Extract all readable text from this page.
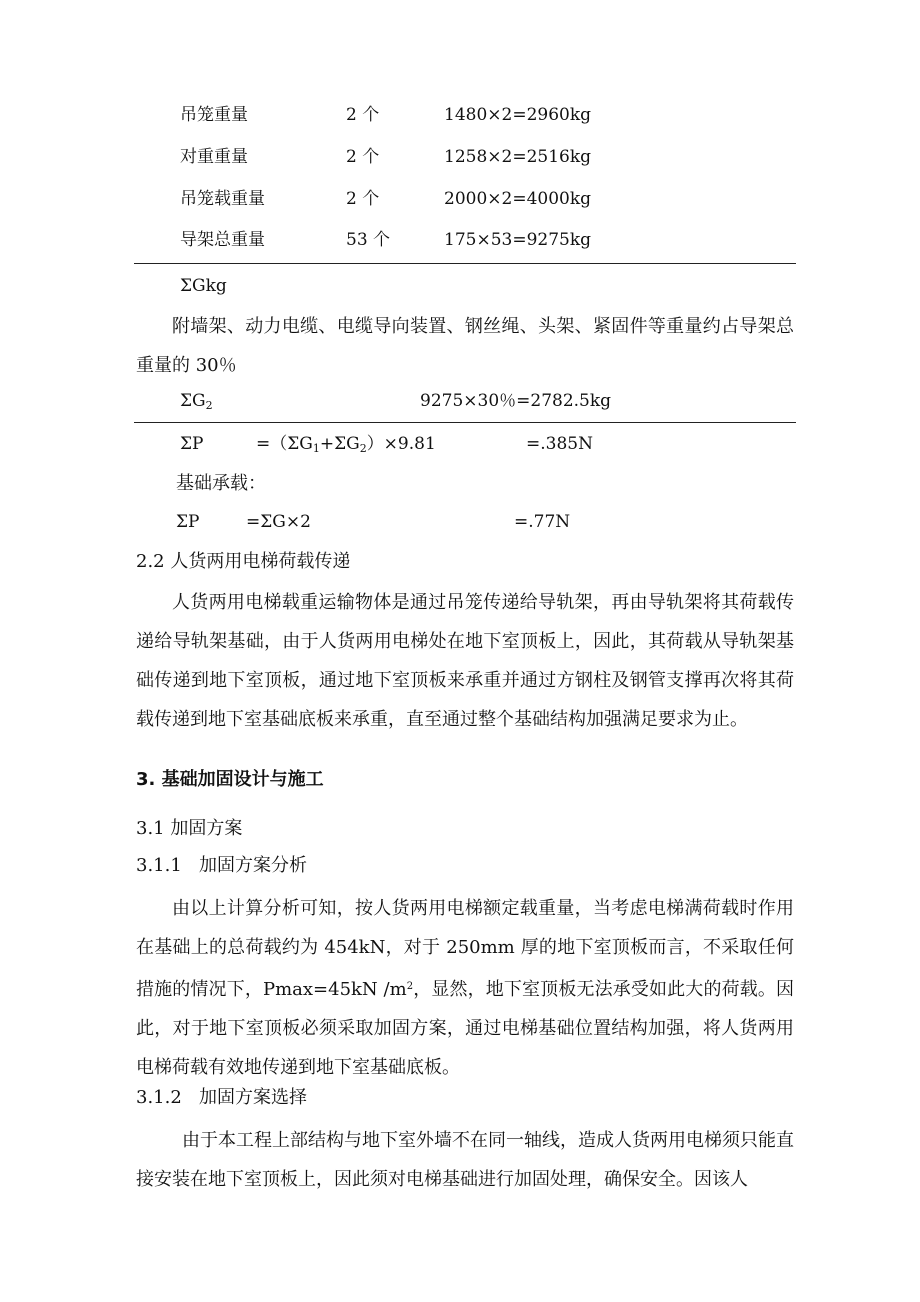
吊笼重量	2 个	1480×2=2960kg
对重重量	2 个	1258×2=2516kg
吊笼载重量	2 个	2000×2=4000kg
导架总重量	53 个	175×53=9275kg
ΣGkg
附墙架、动力电缆、电缆导向装置、钢丝绳、头架、紧固件等重量约占导架总重量的 30％
$\Sigma G_2$	9275×30％=2782.5kg
ΣP	$=(\Sigma G_1+\Sigma G_2)\times 9.81$	=.385N
基础承载：
ΣP	=ΣG×2	=.77N
2.2 人货两用电梯荷载传递
人货两用电梯载重运输物体是通过吊笼传递给导轨架，再由导轨架将其荷载传递给导轨架基础，由于人货两用电梯处在地下室顶板上，因此，其荷载从导轨架基础传递到地下室顶板，通过地下室顶板来承重并通过方钢柱及钢管支撑再次将其荷载传递到地下室基础底板来承重，直至通过整个基础结构加强满足要求为止。
3. 基础加固设计与施工
3.1 加固方案
3.1.1   加固方案分析
由以上计算分析可知，按人货两用电梯额定载重量，当考虑电梯满荷载时作用在基础上的总荷载约为 454kN，对于 250mm 厚的地下室顶板而言，不采取任何措施的情况下，Pmax=45kN $/m^2$，显然，地下室顶板无法承受如此大的荷载。因此，对于地下室顶板必须采取加固方案，通过电梯基础位置结构加强，将人货两用电梯荷载有效地传递到地下室基础底板。
3.1.2   加固方案选择
由于本工程上部结构与地下室外墙不在同一轴线，造成人货两用电梯须只能直接安装在地下室顶板上，因此须对电梯基础进行加固处理，确保安全。因该人
